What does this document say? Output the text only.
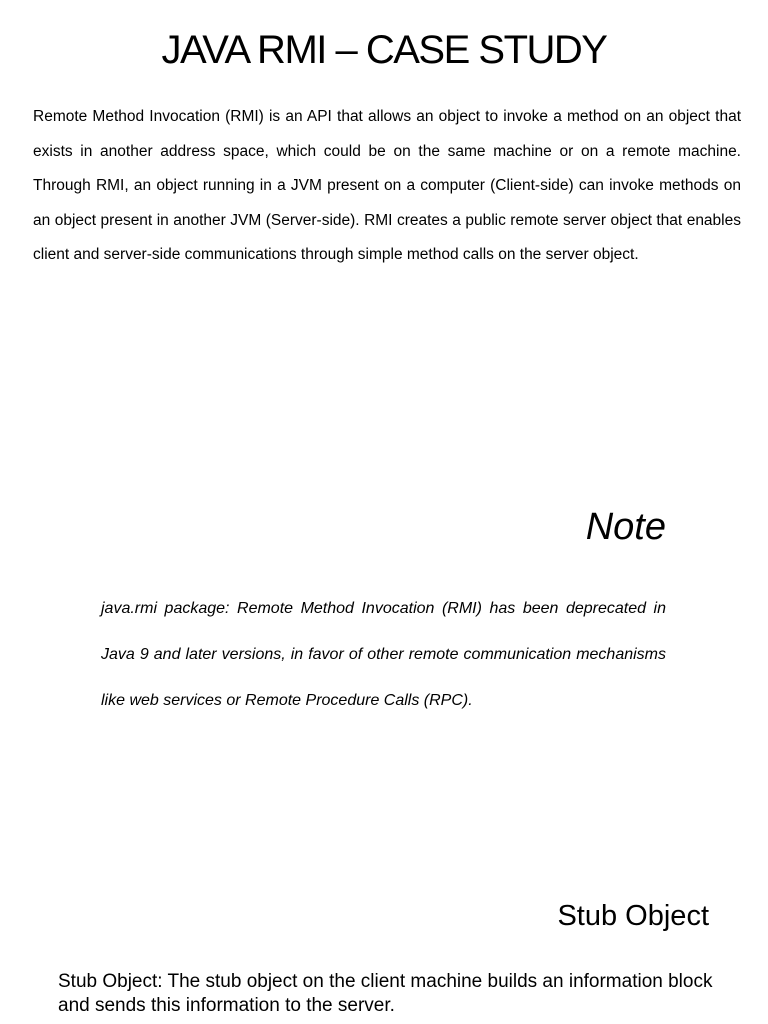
JAVA RMI – CASE STUDY

Remote Method Invocation (RMI) is an API that allows an object to invoke a method on an object that exists in another address space, which could be on the same machine or on a remote machine. Through RMI, an object running in a JVM present on a computer (Client-side) can invoke methods on an object present in another JVM (Server-side). RMI creates a public remote server object that enables client and server-side communications through simple method calls on the server object.

Note

java.rmi package: Remote Method Invocation (RMI) has been deprecated in Java 9 and later versions, in favor of other remote communication mechanisms like web services or Remote Procedure Calls (RPC).

Stub Object

Stub Object: The stub object on the client machine builds an information block and sends this information to the server.
